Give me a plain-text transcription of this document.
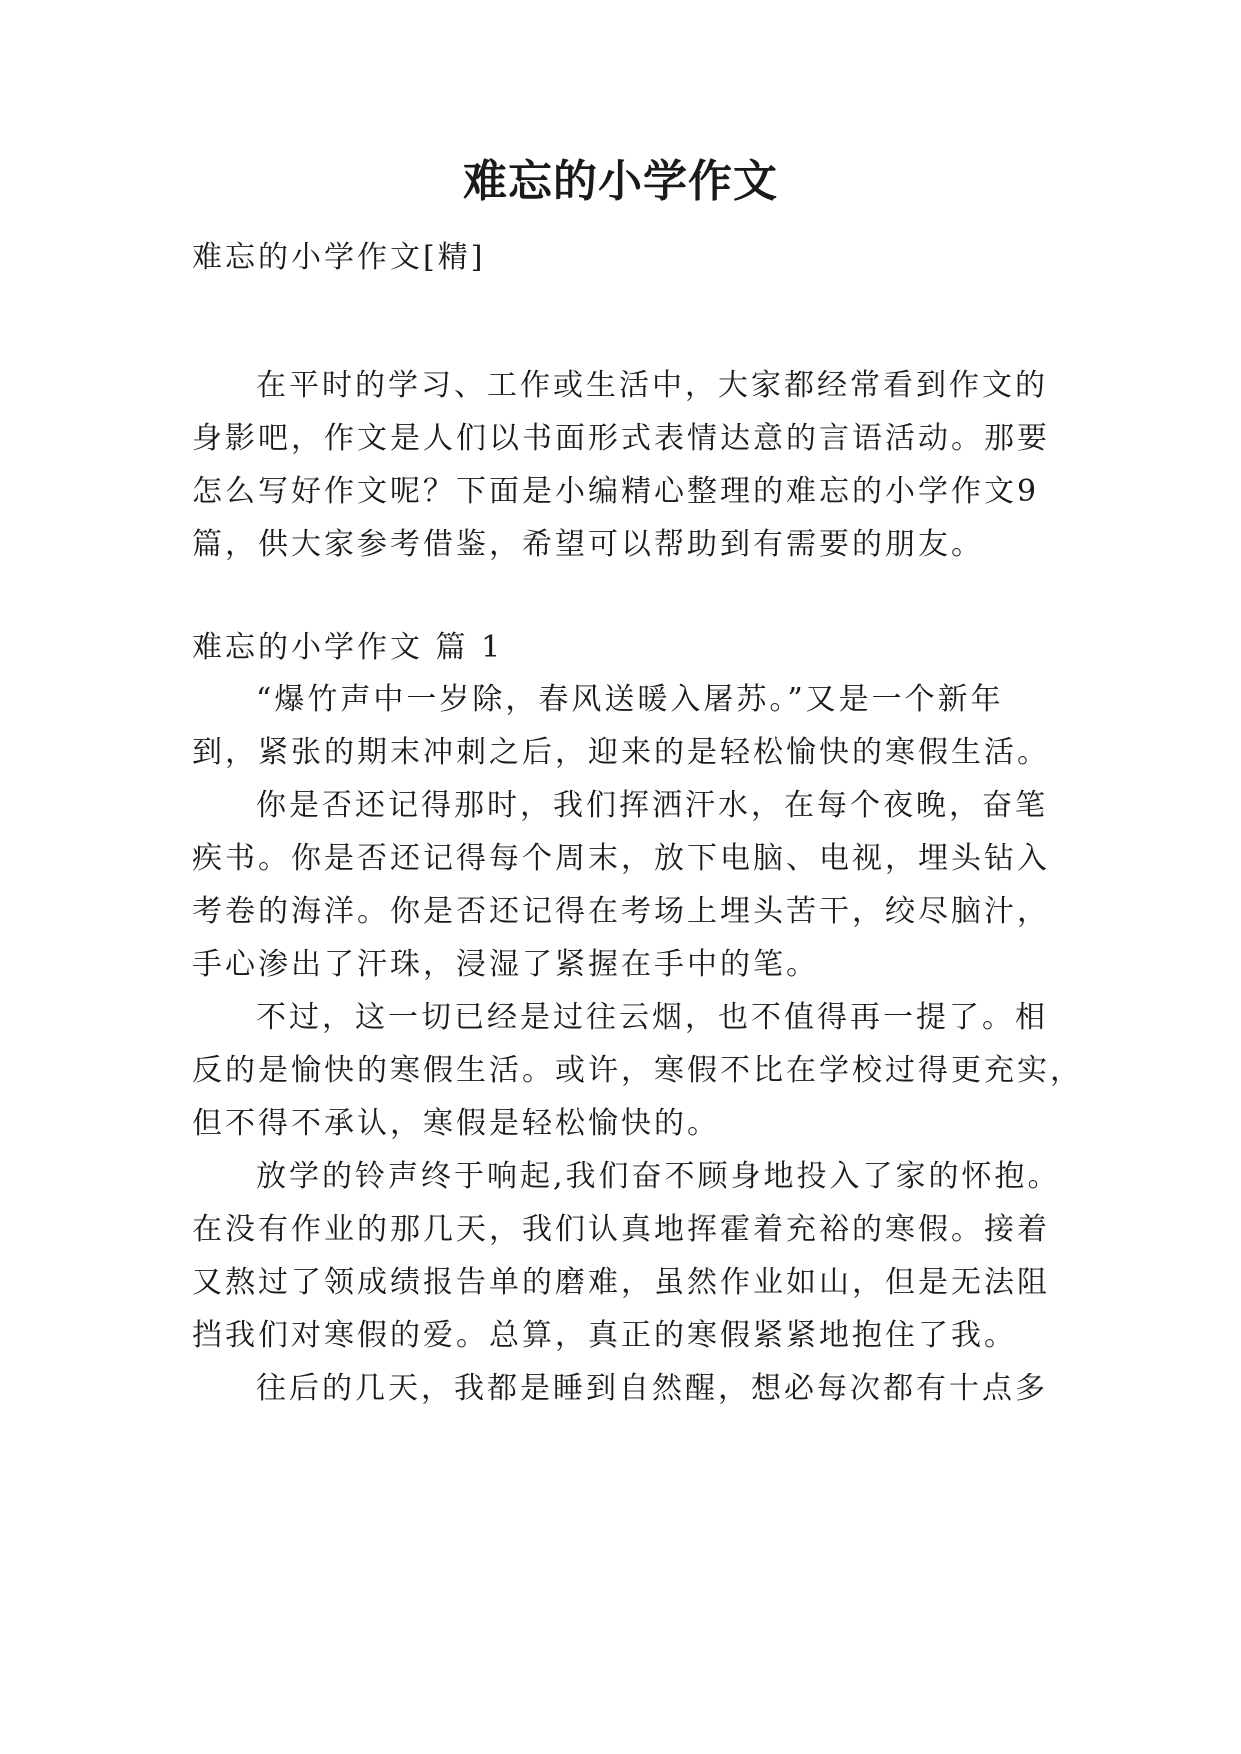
难忘的小学作文

难忘的小学作文[精]

在平时的学习、工作或生活中，大家都经常看到作文的

身影吧，作文是人们以书面形式表情达意的言语活动。那要

怎么写好作文呢？下面是小编精心整理的难忘的小学作文9

篇，供大家参考借鉴，希望可以帮助到有需要的朋友。

难忘的小学作文 篇 1

“爆竹声中一岁除，春风送暖入屠苏。”又是一个新年

到，紧张的期末冲刺之后，迎来的是轻松愉快的寒假生活。

你是否还记得那时，我们挥洒汗水，在每个夜晚，奋笔

疾书。你是否还记得每个周末，放下电脑、电视，埋头钻入

考卷的海洋。你是否还记得在考场上埋头苦干，绞尽脑汁，

手心渗出了汗珠，浸湿了紧握在手中的笔。

不过，这一切已经是过往云烟，也不值得再一提了。相

反的是愉快的寒假生活。或许，寒假不比在学校过得更充实，

但不得不承认，寒假是轻松愉快的。

放学的铃声终于响起,我们奋不顾身地投入了家的怀抱。

在没有作业的那几天，我们认真地挥霍着充裕的寒假。接着

又熬过了领成绩报告单的磨难，虽然作业如山，但是无法阻

挡我们对寒假的爱。总算，真正的寒假紧紧地抱住了我。

往后的几天，我都是睡到自然醒，想必每次都有十点多
